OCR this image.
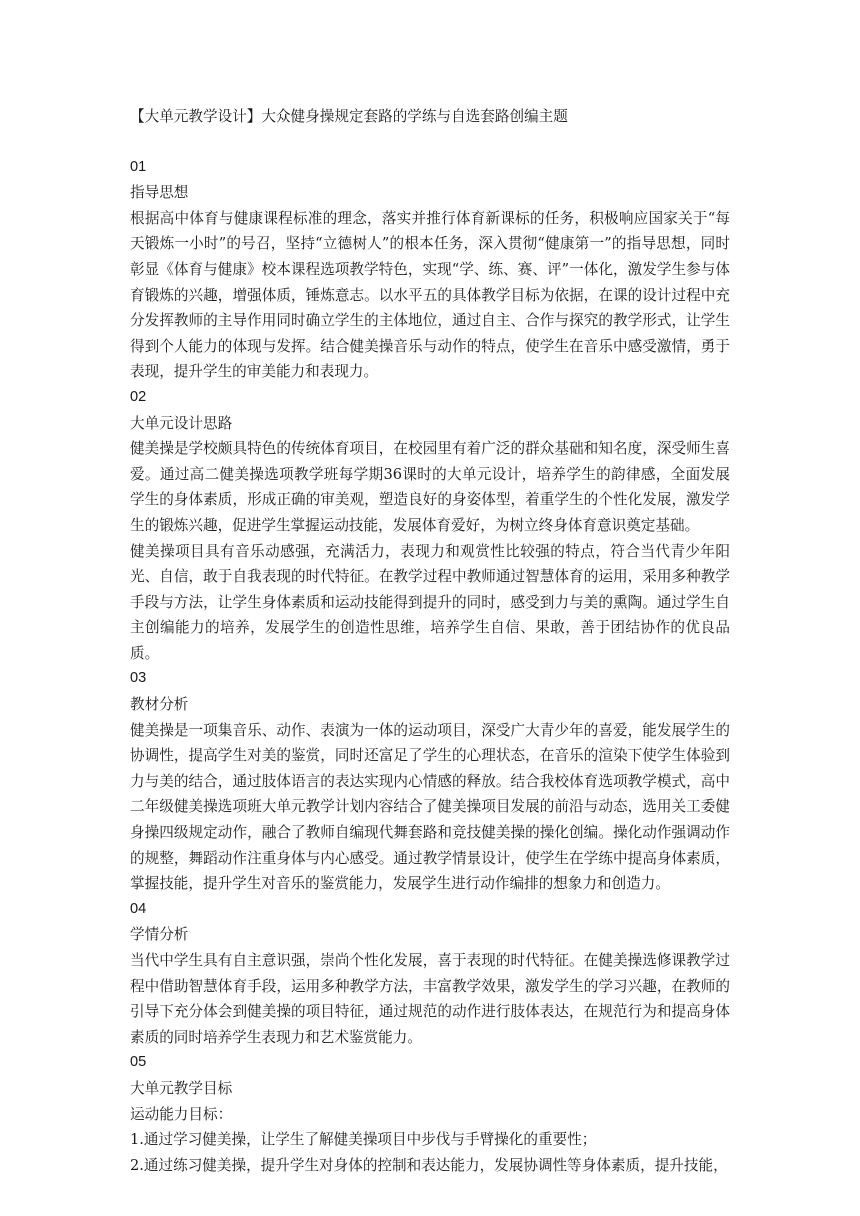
【大单元教学设计】大众健身操规定套路的学练与自选套路创编主题
01
指导思想
根据高中体育与健康课程标准的理念，落实并推行体育新课标的任务，积极响应国家关于“每天锻炼一小时”的号召，坚持“立德树人”的根本任务，深入贯彻“健康第一”的指导思想，同时彰显《体育与健康》校本课程选项教学特色，实现“学、练、赛、评”一体化，激发学生参与体育锻炼的兴趣，增强体质，锤炼意志。以水平五的具体教学目标为依据，在课的设计过程中充分发挥教师的主导作用同时确立学生的主体地位，通过自主、合作与探究的教学形式，让学生得到个人能力的体现与发挥。结合健美操音乐与动作的特点，使学生在音乐中感受激情，勇于表现，提升学生的审美能力和表现力。
02
大单元设计思路
健美操是学校颇具特色的传统体育项目，在校园里有着广泛的群众基础和知名度，深受师生喜爱。通过高二健美操选项教学班每学期36课时的大单元设计，培养学生的韵律感，全面发展学生的身体素质，形成正确的审美观，塑造良好的身姿体型，着重学生的个性化发展，激发学生的锻炼兴趣，促进学生掌握运动技能，发展体育爱好，为树立终身体育意识奠定基础。
健美操项目具有音乐动感强，充满活力，表现力和观赏性比较强的特点，符合当代青少年阳光、自信，敢于自我表现的时代特征。在教学过程中教师通过智慧体育的运用，采用多种教学手段与方法，让学生身体素质和运动技能得到提升的同时，感受到力与美的熏陶。通过学生自主创编能力的培养，发展学生的创造性思维，培养学生自信、果敢，善于团结协作的优良品质。
03
教材分析
健美操是一项集音乐、动作、表演为一体的运动项目，深受广大青少年的喜爱，能发展学生的协调性，提高学生对美的鉴赏，同时还富足了学生的心理状态，在音乐的渲染下使学生体验到力与美的结合，通过肢体语言的表达实现内心情感的释放。结合我校体育选项教学模式，高中二年级健美操选项班大单元教学计划内容结合了健美操项目发展的前沿与动态，选用关工委健身操四级规定动作，融合了教师自编现代舞套路和竞技健美操的操化创编。操化动作强调动作的规整，舞蹈动作注重身体与内心感受。通过教学情景设计，使学生在学练中提高身体素质，掌握技能，提升学生对音乐的鉴赏能力，发展学生进行动作编排的想象力和创造力。
04
学情分析
当代中学生具有自主意识强，崇尚个性化发展，喜于表现的时代特征。在健美操选修课教学过程中借助智慧体育手段，运用多种教学方法，丰富教学效果，激发学生的学习兴趣，在教师的引导下充分体会到健美操的项目特征，通过规范的动作进行肢体表达，在规范行为和提高身体素质的同时培养学生表现力和艺术鉴赏能力。
05
大单元教学目标
运动能力目标：
1.通过学习健美操，让学生了解健美操项目中步伐与手臂操化的重要性；
2.通过练习健美操，提升学生对身体的控制和表达能力，发展协调性等身体素质，提升技能，
